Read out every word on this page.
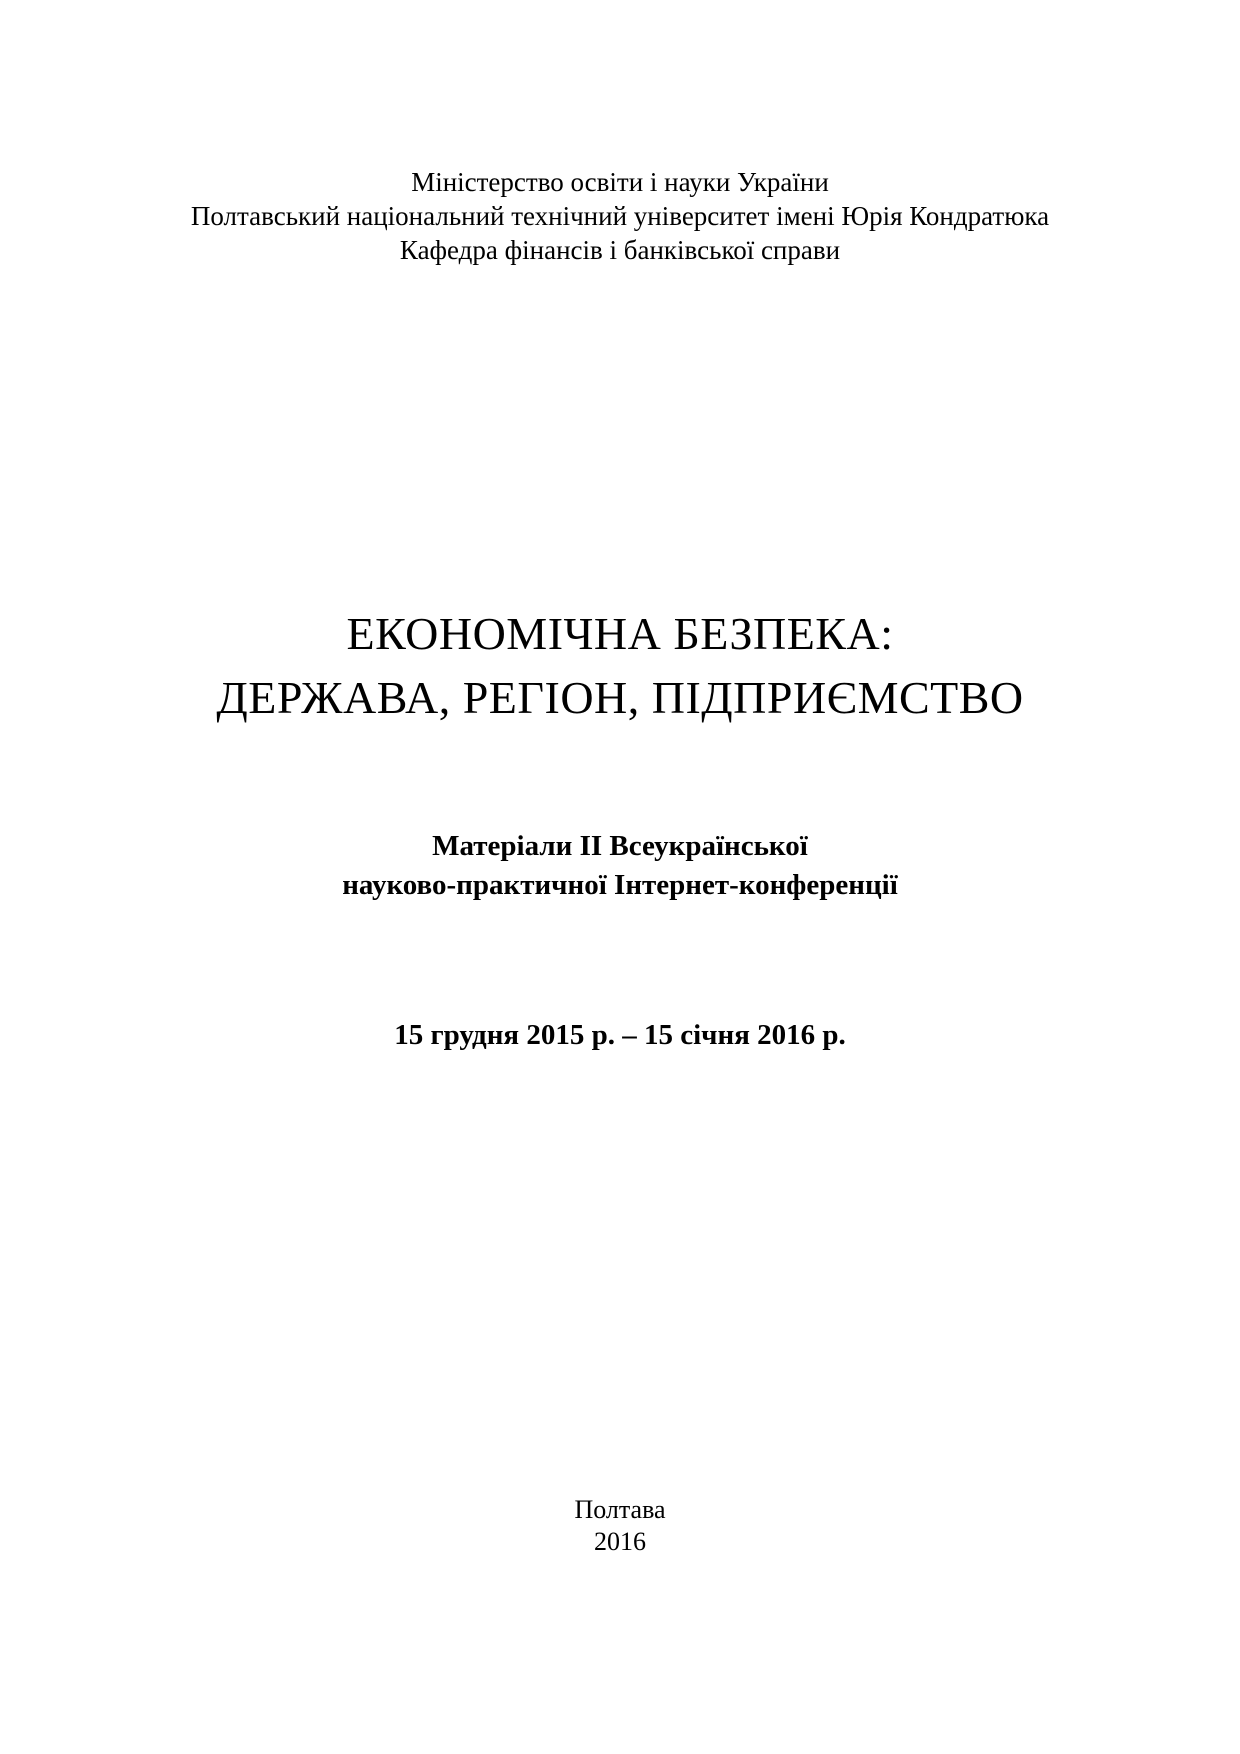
Міністерство освіти і науки України
Полтавський національний технічний університет імені Юрія Кондратюка
Кафедра фінансів і банківської справи
ЕКОНОМІЧНА БЕЗПЕКА:
ДЕРЖАВА, РЕГІОН, ПІДПРИЄМСТВО
Матеріали ІІ Всеукраїнської
науково-практичної Інтернет-конференції
15 грудня 2015 р. – 15 січня 2016 р.
Полтава
2016
